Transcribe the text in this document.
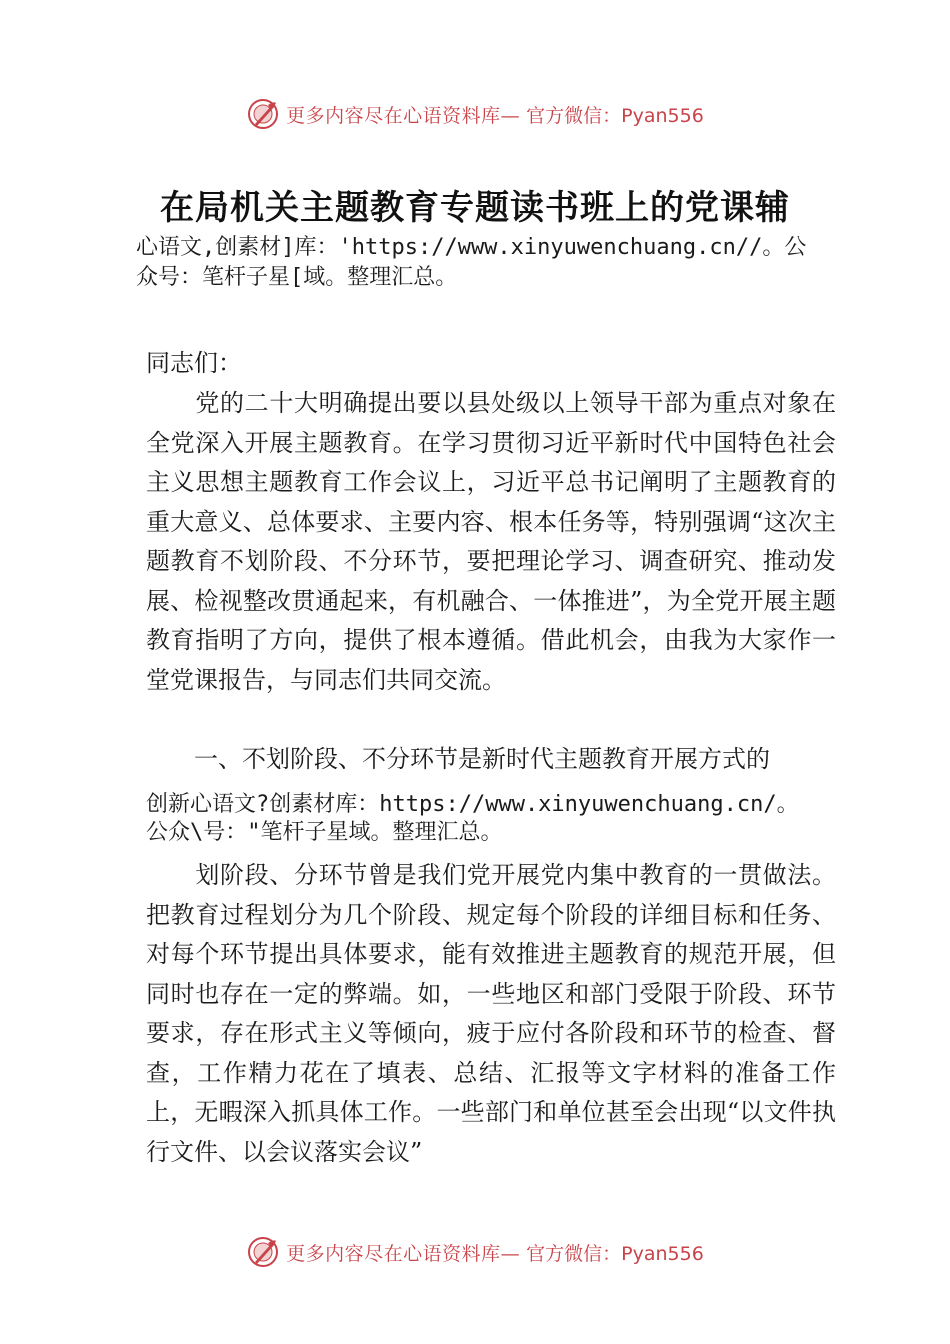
更多内容尽在心语资料库— 官方微信：Pyan556
在局机关主题教育专题读书班上的党课辅

心语文,创素材]库：'https://www.xinyuwenchuang.cn//。公

众号：笔杆子星[域。整理汇总。

同志们：

　　党的二十大明确提出要以县处级以上领导干部为重点对象在全党深入开展主题教育。在学习贯彻习近平新时代中国特色社会主义思想主题教育工作会议上，习近平总书记阐明了主题教育的重大意义、总体要求、主要内容、根本任务等，特别强调“这次主题教育不划阶段、不分环节，要把理论学习、调查研究、推动发展、检视整改贯通起来，有机融合、一体推进”，为全党开展主题教育指明了方向，提供了根本遵循。借此机会，由我为大家作一堂党课报告，与同志们共同交流。

　　一、不划阶段、不分环节是新时代主题教育开展方式的

创新心语文?创素材库：https://www.xinyuwenchuang.cn/。

公众\号："笔杆子星域。整理汇总。

　　划阶段、分环节曾是我们党开展党内集中教育的一贯做法。把教育过程划分为几个阶段、规定每个阶段的详细目标和任务、对每个环节提出具体要求，能有效推进主题教育的规范开展，但同时也存在一定的弊端。如，一些地区和部门受限于阶段、环节要求，存在形式主义等倾向，疲于应付各阶段和环节的检查、督查，工作精力花在了填表、总结、汇报等文字材料的准备工作上，无暇深入抓具体工作。一些部门和单位甚至会出现“以文件执行文件、以会议落实会议”

更多内容尽在心语资料库— 官方微信：Pyan556
